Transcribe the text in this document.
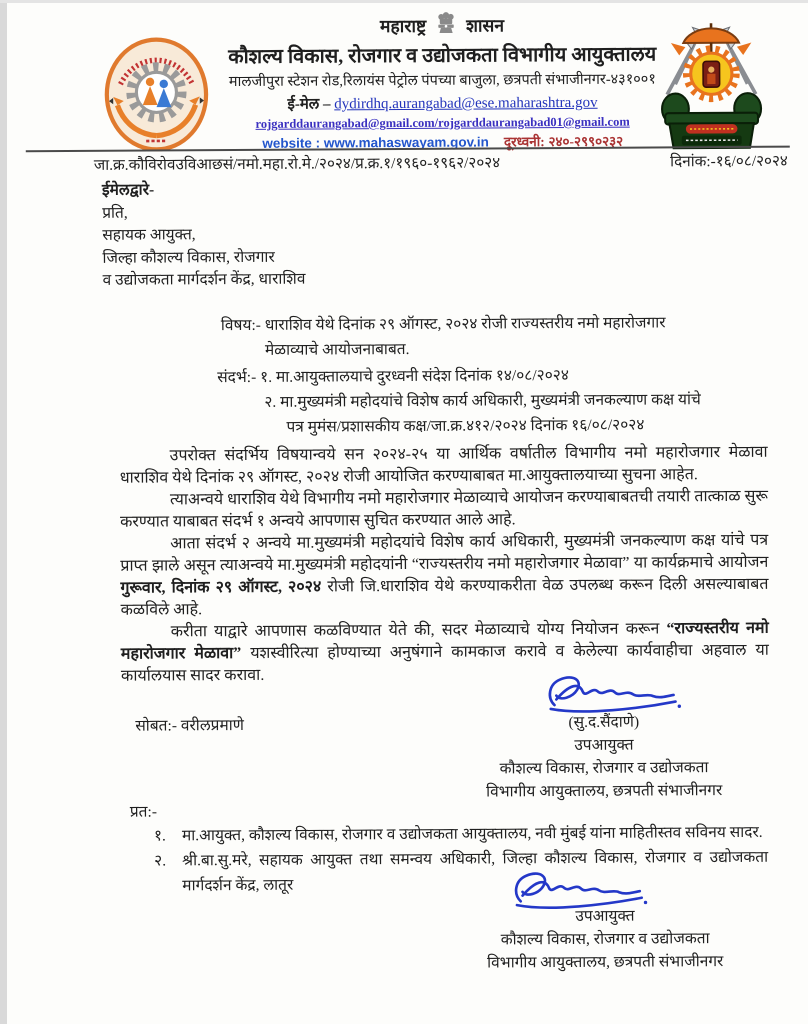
महाराष्ट्र शासन
कौशल्य विकास, रोजगार व उद्योजकता विभागीय आयुक्तालय
मालजीपुरा स्टेशन रोड,रिलायंस पेट्रोल पंपच्या बाजुला, छत्रपती संभाजीनगर-४३१००१
ई-मेल – dydirdhq.aurangabad@ese.maharashtra.gov
rojgarddaurangabad@gmail.com/rojgarddaurangabad01@gmail.com
website : www.mahaswayam.gov.in दूरध्वनी: २४०-२९९०२३२
जा.क्र.कौविरोवउविआछसं/नमो.महा.रो.मे./२०२४/प्र.क्र.१/१९६०-१९६२/२०२४	दिनांक:-१६/०८/२०२४
ईमेलद्वारे-
प्रति,
सहायक आयुक्त,
जिल्हा कौशल्य विकास, रोजगार
व उद्योजकता मार्गदर्शन केंद्र, धाराशिव
विषय:- धाराशिव येथे दिनांक २९ ऑगस्ट, २०२४ रोजी राज्यस्तरीय नमो महारोजगार
मेळाव्याचे आयोजनाबाबत.
संदर्भ:- १. मा.आयुक्तालयाचे दुरध्वनी संदेश दिनांक १४/०८/२०२४
२. मा.मुख्यमंत्री महोदयांचे विशेष कार्य अधिकारी, मुख्यमंत्री जनकल्याण कक्ष यांचे
पत्र मुमंस/प्रशासकीय कक्ष/जा.क्र.४१२/२०२४ दिनांक १६/०८/२०२४

उपरोक्त संदर्भिय विषयान्वये सन २०२४-२५ या आर्थिक वर्षातील विभागीय नमो महारोजगार मेळावा धाराशिव येथे दिनांक २९ ऑगस्ट, २०२४ रोजी आयोजित करण्याबाबत मा.आयुक्तालयाच्या सुचना आहेत.

त्याअन्वये धाराशिव येथे विभागीय नमो महारोजगार मेळाव्याचे आयोजन करण्याबाबतची तयारी तात्काळ सुरू करण्यात याबाबत संदर्भ १ अन्वये आपणास सुचित करण्यात आले आहे.

आता संदर्भ २ अन्वये मा.मुख्यमंत्री महोदयांचे विशेष कार्य अधिकारी, मुख्यमंत्री जनकल्याण कक्ष यांचे पत्र प्राप्त झाले असून त्याअन्वये मा.मुख्यमंत्री महोदयांनी “राज्यस्तरीय नमो महारोजगार मेळावा” या कार्यक्रमाचे आयोजन गुरूवार, दिनांक २९ ऑगस्ट, २०२४ रोजी जि.धाराशिव येथे करण्याकरीता वेळ उपलब्ध करून दिली असल्याबाबत कळविले आहे.

करीता याद्वारे आपणास कळविण्यात येते की, सदर मेळाव्याचे योग्य नियोजन करून “राज्यस्तरीय नमो महारोजगार मेळावा” यशस्वीरित्या होण्याच्या अनुषंगाने कामकाज करावे व केलेल्या कार्यवाहीचा अहवाल या कार्यालयास सादर करावा.

सोबत:- वरीलप्रमाणे	(सु.द.सैंदाणे)
उपआयुक्त
कौशल्य विकास, रोजगार व उद्योजकता
विभागीय आयुक्तालय, छत्रपती संभाजीनगर
प्रत:-
१. मा.आयुक्त, कौशल्य विकास, रोजगार व उद्योजकता आयुक्तालय, नवी मुंबई यांना माहितीस्तव सविनय सादर.
२. श्री.बा.सु.मरे, सहायक आयुक्त तथा समन्वय अधिकारी, जिल्हा कौशल्य विकास, रोजगार व उद्योजकता मार्गदर्शन केंद्र, लातूर
उपआयुक्त
कौशल्य विकास, रोजगार व उद्योजकता
विभागीय आयुक्तालय, छत्रपती संभाजीनगर
